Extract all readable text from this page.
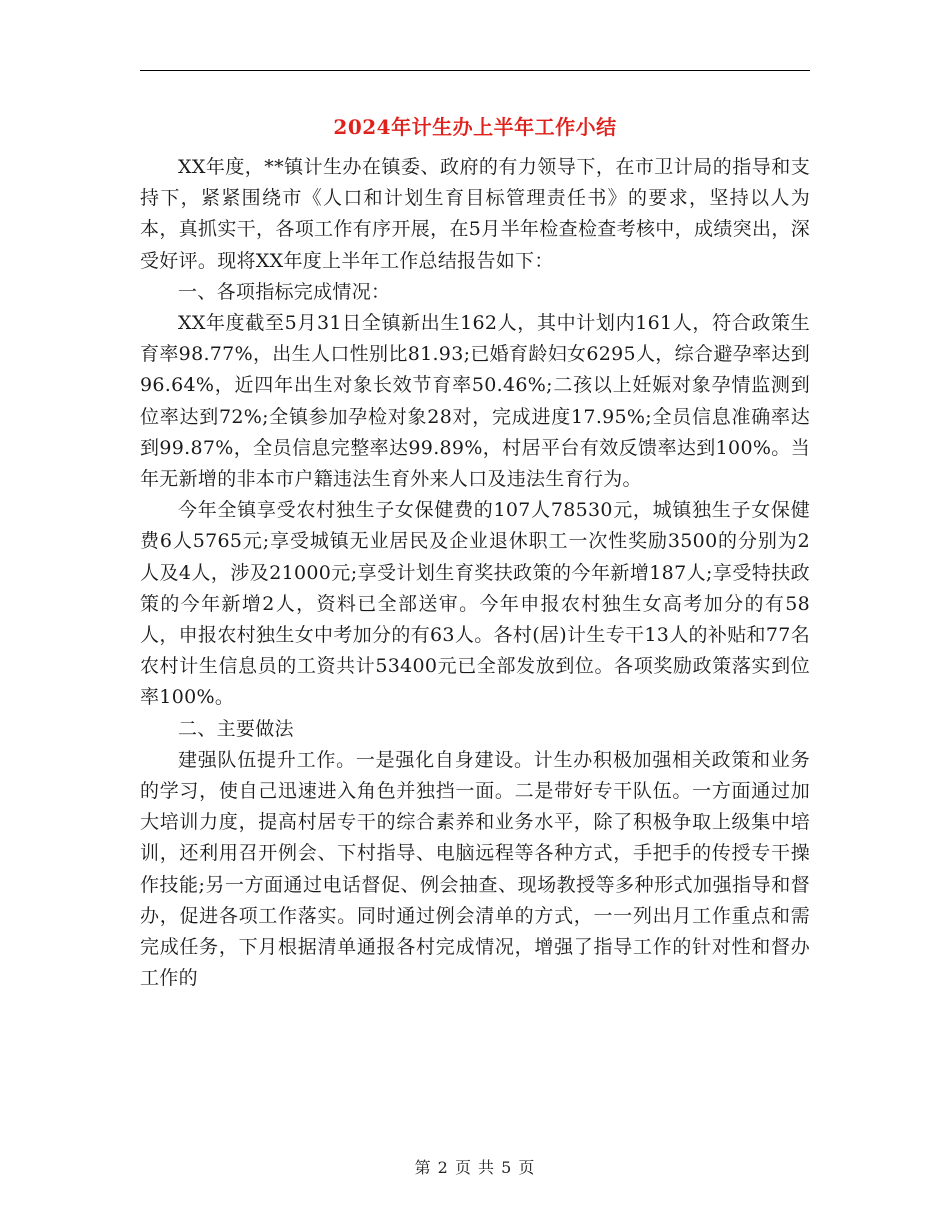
2024年计生办上半年工作小结

XX年度，**镇计生办在镇委、政府的有力领导下，在市卫计局的指导和支持下，紧紧围绕市《人口和计划生育目标管理责任书》的要求，坚持以人为本，真抓实干，各项工作有序开展，在5月半年检查检查考核中，成绩突出，深受好评。现将XX年度上半年工作总结报告如下：

一、各项指标完成情况：

XX年度截至5月31日全镇新出生162人，其中计划内161人，符合政策生育率98.77%，出生人口性别比81.93;已婚育龄妇女6295人，综合避孕率达到96.64%，近四年出生对象长效节育率50.46%;二孩以上妊娠对象孕情监测到位率达到72%;全镇参加孕检对象28对，完成进度17.95%;全员信息准确率达到99.87%，全员信息完整率达99.89%，村居平台有效反馈率达到100%。当年无新增的非本市户籍违法生育外来人口及违法生育行为。

今年全镇享受农村独生子女保健费的107人78530元，城镇独生子女保健费6人5765元;享受城镇无业居民及企业退休职工一次性奖励3500的分别为2人及4人，涉及21000元;享受计划生育奖扶政策的今年新增187人;享受特扶政策的今年新增2人，资料已全部送审。今年申报农村独生女高考加分的有58人，申报农村独生女中考加分的有63人。各村(居)计生专干13人的补贴和77名农村计生信息员的工资共计53400元已全部发放到位。各项奖励政策落实到位率100%。

二、主要做法

建强队伍提升工作。一是强化自身建设。计生办积极加强相关政策和业务的学习，使自己迅速进入角色并独挡一面。二是带好专干队伍。一方面通过加大培训力度，提高村居专干的综合素养和业务水平，除了积极争取上级集中培训，还利用召开例会、下村指导、电脑远程等各种方式，手把手的传授专干操作技能;另一方面通过电话督促、例会抽查、现场教授等多种形式加强指导和督办，促进各项工作落实。同时通过例会清单的方式，一一列出月工作重点和需完成任务，下月根据清单通报各村完成情况，增强了指导工作的针对性和督办工作的

第 2 页 共 5 页
